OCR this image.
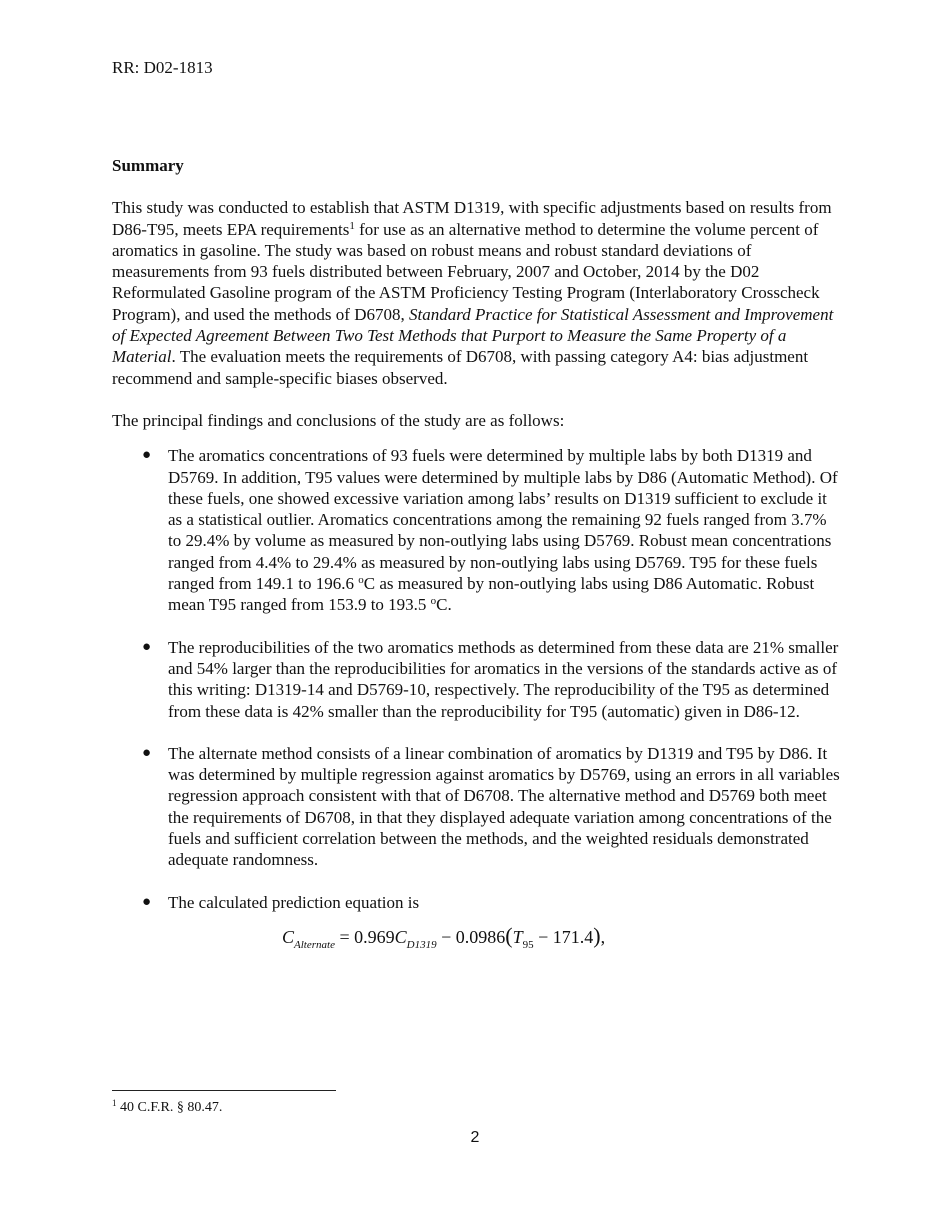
RR: D02-1813

Summary

This study was conducted to establish that ASTM D1319, with specific adjustments based on results from D86-T95, meets EPA requirements$^1$ for use as an alternative method to determine the volume percent of aromatics in gasoline. The study was based on robust means and robust standard deviations of measurements from 93 fuels distributed between February, 2007 and October, 2014 by the D02 Reformulated Gasoline program of the ASTM Proficiency Testing Program (Interlaboratory Crosscheck Program), and used the methods of D6708, Standard Practice for Statistical Assessment and Improvement of Expected Agreement Between Two Test Methods that Purport to Measure the Same Property of a Material. The evaluation meets the requirements of D6708, with passing category A4: bias adjustment recommend and sample-specific biases observed.

The principal findings and conclusions of the study are as follows:

● The aromatics concentrations of 93 fuels were determined by multiple labs by both D1319 and D5769. In addition, T95 values were determined by multiple labs by D86 (Automatic Method). Of these fuels, one showed excessive variation among labs’ results on D1319 sufficient to exclude it as a statistical outlier. Aromatics concentrations among the remaining 92 fuels ranged from 3.7% to 29.4% by volume as measured by non-outlying labs using D5769. Robust mean concentrations ranged from 4.4% to 29.4% as measured by non-outlying labs using D5769. T95 for these fuels ranged from 149.1 to 196.6 $^o$C as measured by non-outlying labs using D86 Automatic. Robust mean T95 ranged from 153.9 to 193.5 $^o$C.
● The reproducibilities of the two aromatics methods as determined from these data are 21% smaller and 54% larger than the reproducibilities for aromatics in the versions of the standards active as of this writing: D1319-14 and D5769-10, respectively. The reproducibility of the T95 as determined from these data is 42% smaller than the reproducibility for T95 (automatic) given in D86-12.
● The alternate method consists of a linear combination of aromatics by D1319 and T95 by D86. It was determined by multiple regression against aromatics by D5769, using an errors in all variables regression approach consistent with that of D6708. The alternative method and D5769 both meet the requirements of D6708, in that they displayed adequate variation among concentrations of the fuels and sufficient correlation between the methods, and the weighted residuals demonstrated adequate randomness.
● The calculated prediction equation is
$C_{Alternate} = 0.969C_{D1319} - 0.0986(T_{95} - 171.4)$,
$^1$ 40 C.F.R. § 80.47.
2
